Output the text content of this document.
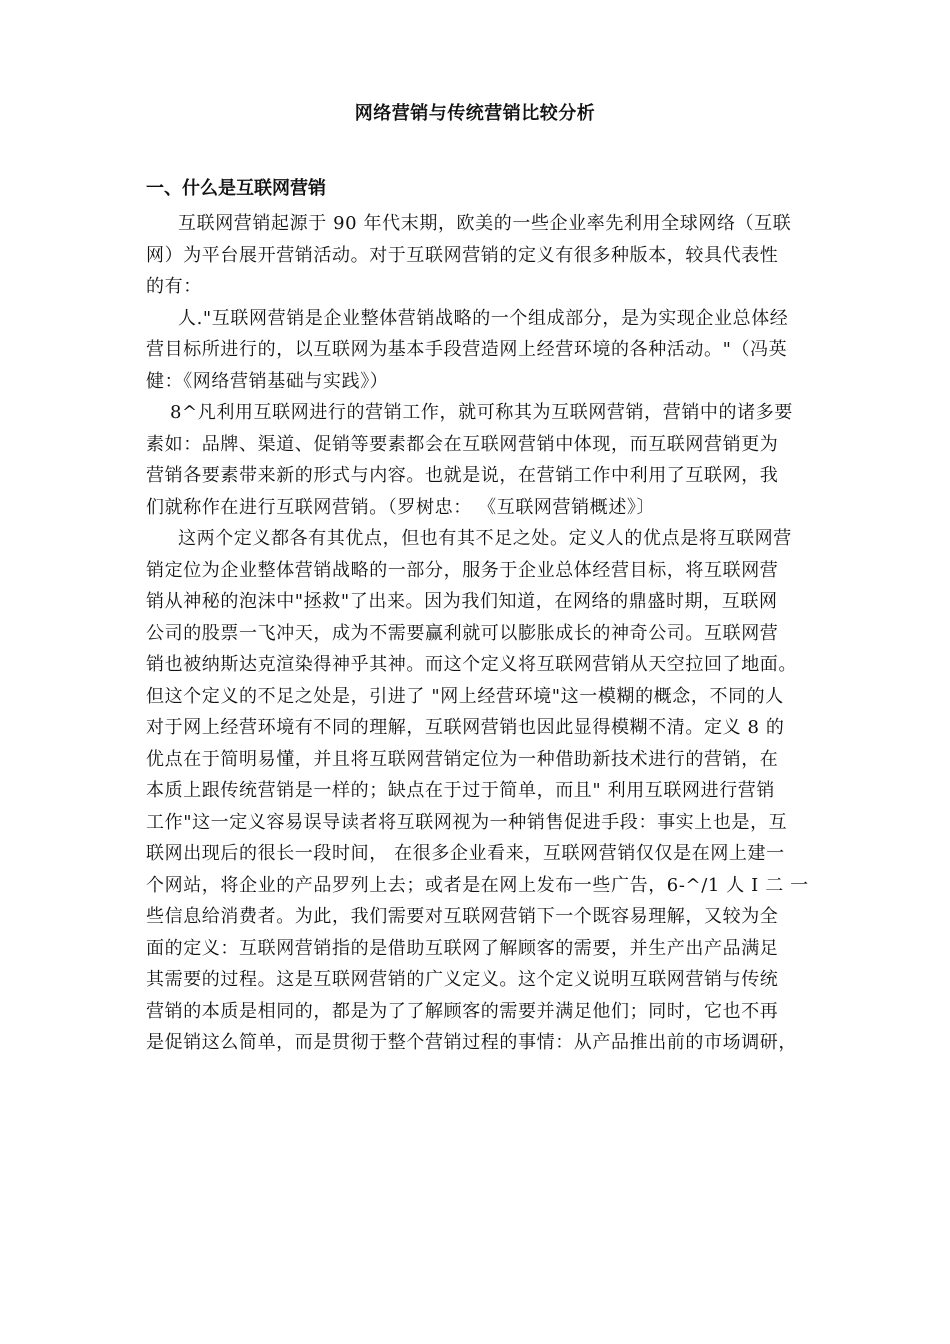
网络营销与传统营销比较分析
一、什么是互联网营销
互联网营销起源于 90 年代末期，欧美的一些企业率先利用全球网络（互联
网）为平台展开营销活动。对于互联网营销的定义有很多种版本，较具代表性
的有：
人."互联网营销是企业整体营销战略的一个组成部分，是为实现企业总体经
营目标所进行的，以互联网为基本手段营造网上经营环境的各种活动。"（冯英
健：《网络营销基础与实践》）
8^凡利用互联网进行的营销工作，就可称其为互联网营销，营销中的诸多要
素如：品牌、渠道、促销等要素都会在互联网营销中体现，而互联网营销更为
营销各要素带来新的形式与内容。也就是说，在营销工作中利用了互联网，我
们就称作在进行互联网营销。（罗树忠： 《互联网营销概述》〕
这两个定义都各有其优点，但也有其不足之处。定义人的优点是将互联网营
销定位为企业整体营销战略的一部分，服务于企业总体经营目标，将互联网营
销从神秘的泡沫中"拯救"了出来。因为我们知道，在网络的鼎盛时期，互联网
公司的股票一飞冲天，成为不需要赢利就可以膨胀成长的神奇公司。互联网营
销也被纳斯达克渲染得神乎其神。而这个定义将互联网营销从天空拉回了地面。
但这个定义的不足之处是，引进了 "网上经营环境"这一模糊的概念，不同的人
对于网上经营环境有不同的理解，互联网营销也因此显得模糊不清。定义 8 的
优点在于简明易懂，并且将互联网营销定位为一种借助新技术进行的营销，在
本质上跟传统营销是一样的；缺点在于过于简单，而且" 利用互联网进行营销
工作"这一定义容易误导读者将互联网视为一种销售促进手段：事实上也是，互
联网出现后的很长一段时间， 在很多企业看来，互联网营销仅仅是在网上建一
个网站，将企业的产品罗列上去；或者是在网上发布一些广告，6-^/1 人 I 二 一
些信息给消费者。为此，我们需要对互联网营销下一个既容易理解，又较为全
面的定义：互联网营销指的是借助互联网了解顾客的需要，并生产出产品满足
其需要的过程。这是互联网营销的广义定义。这个定义说明互联网营销与传统
营销的本质是相同的，都是为了了解顾客的需要并满足他们；同时，它也不再
是促销这么简单，而是贯彻于整个营销过程的事情：从产品推出前的市场调研，
